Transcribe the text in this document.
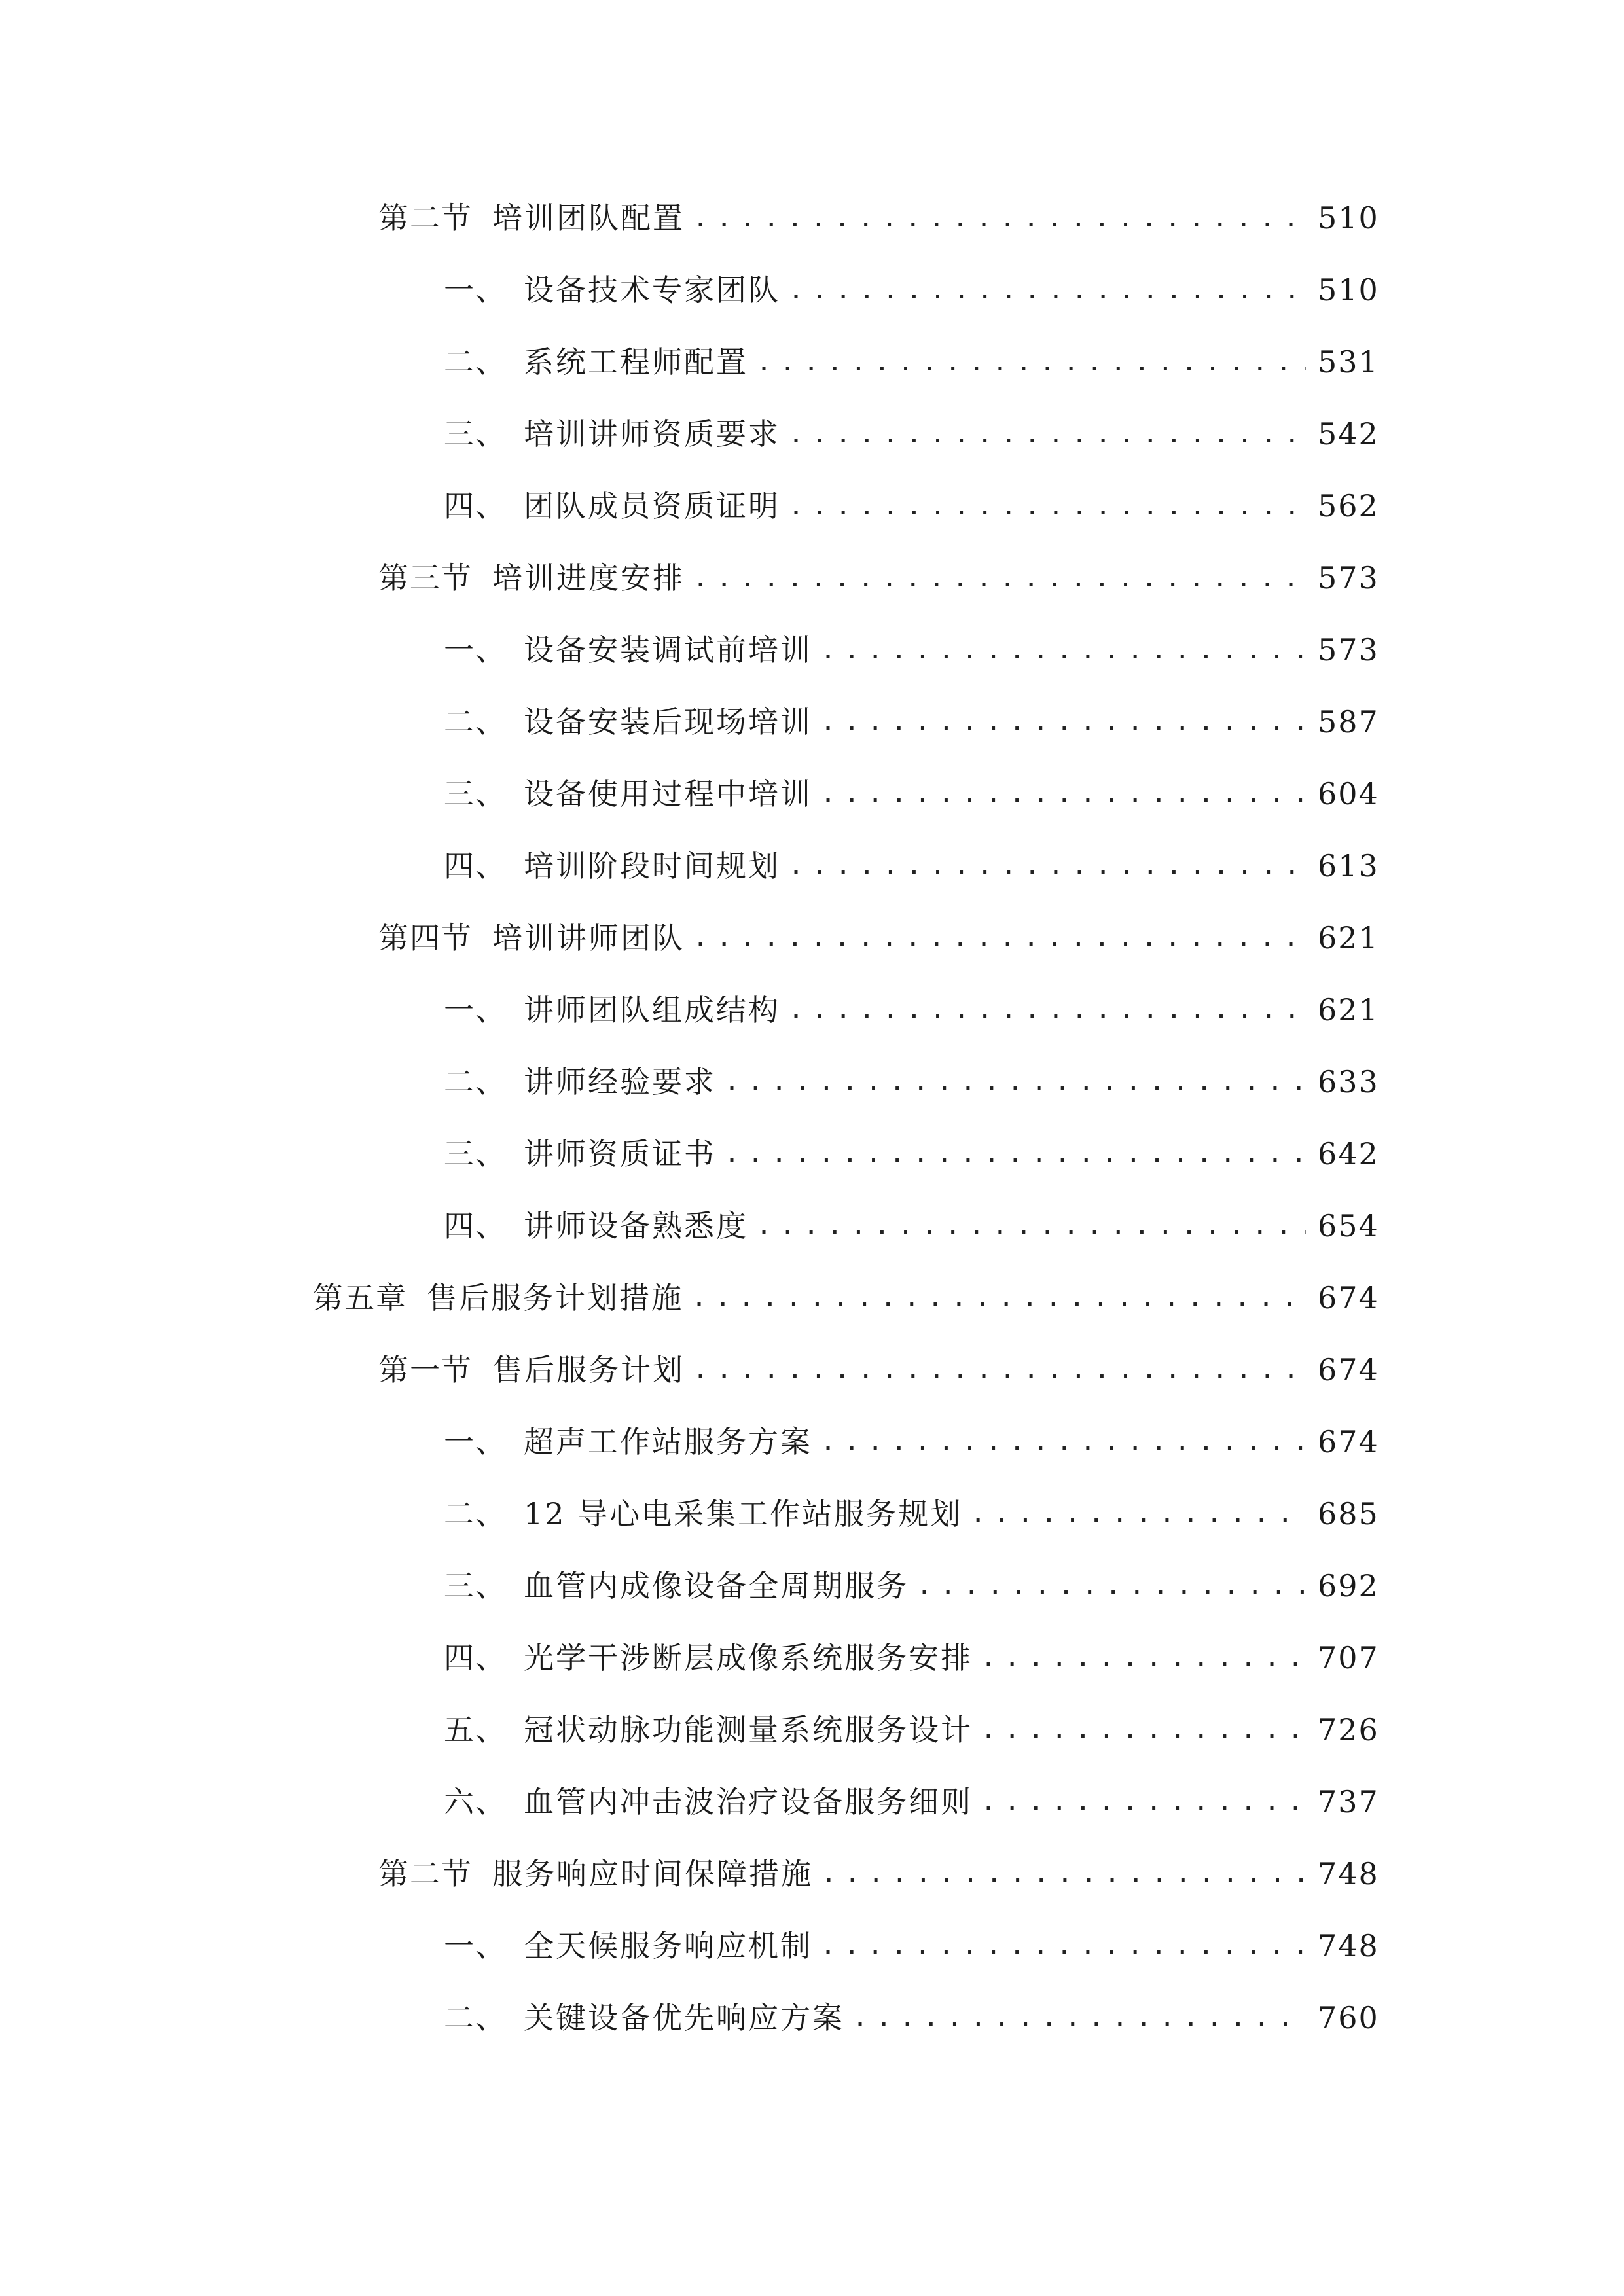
第二节 培训团队配置 .....	510
一、 设备技术专家团队 .....	510
二、 系统工程师配置 .....	531
三、 培训讲师资质要求 .....	542
四、 团队成员资质证明 .....	562
第三节 培训进度安排 .....	573
一、 设备安装调试前培训 .....	573
二、 设备安装后现场培训 .....	587
三、 设备使用过程中培训 .....	604
四、 培训阶段时间规划 .....	613
第四节 培训讲师团队 .....	621
一、 讲师团队组成结构 .....	621
二、 讲师经验要求 .....	633
三、 讲师资质证书 .....	642
四、 讲师设备熟悉度 .....	654
第五章 售后服务计划措施 .....	674
第一节 售后服务计划 .....	674
一、 超声工作站服务方案 .....	674
二、 12 导心电采集工作站服务规划 .....	685
三、 血管内成像设备全周期服务 .....	692
四、 光学干涉断层成像系统服务安排 .....	707
五、 冠状动脉功能测量系统服务设计 .....	726
六、 血管内冲击波治疗设备服务细则 .....	737
第二节 服务响应时间保障措施 .....	748
一、 全天候服务响应机制 .....	748
二、 关键设备优先响应方案 .....	760
